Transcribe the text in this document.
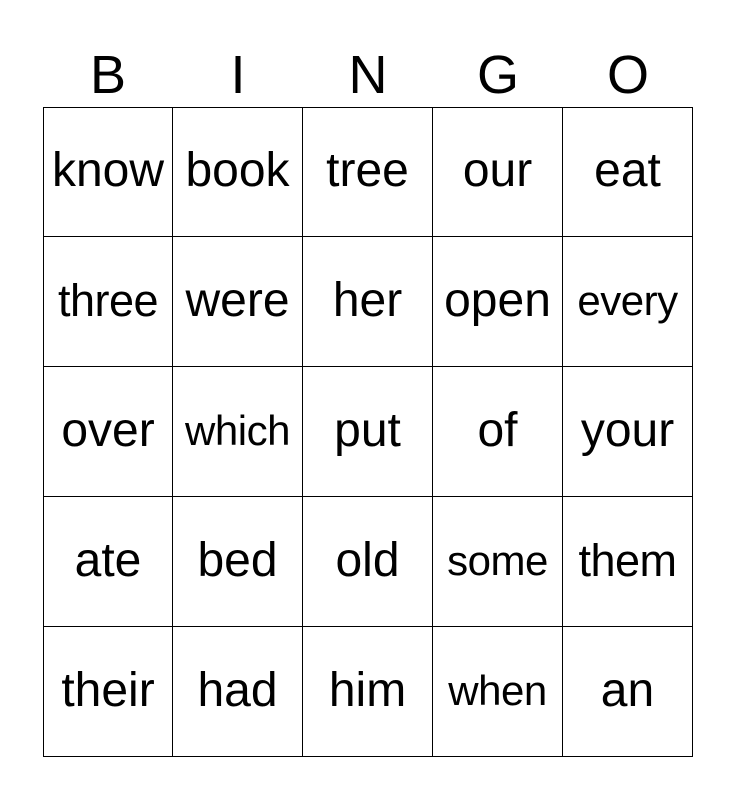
B	I	N	G	O
know book tree	our	eat
three were her open every
over which put	of	your
ate	bed	old	some them
their had	him	when	an
